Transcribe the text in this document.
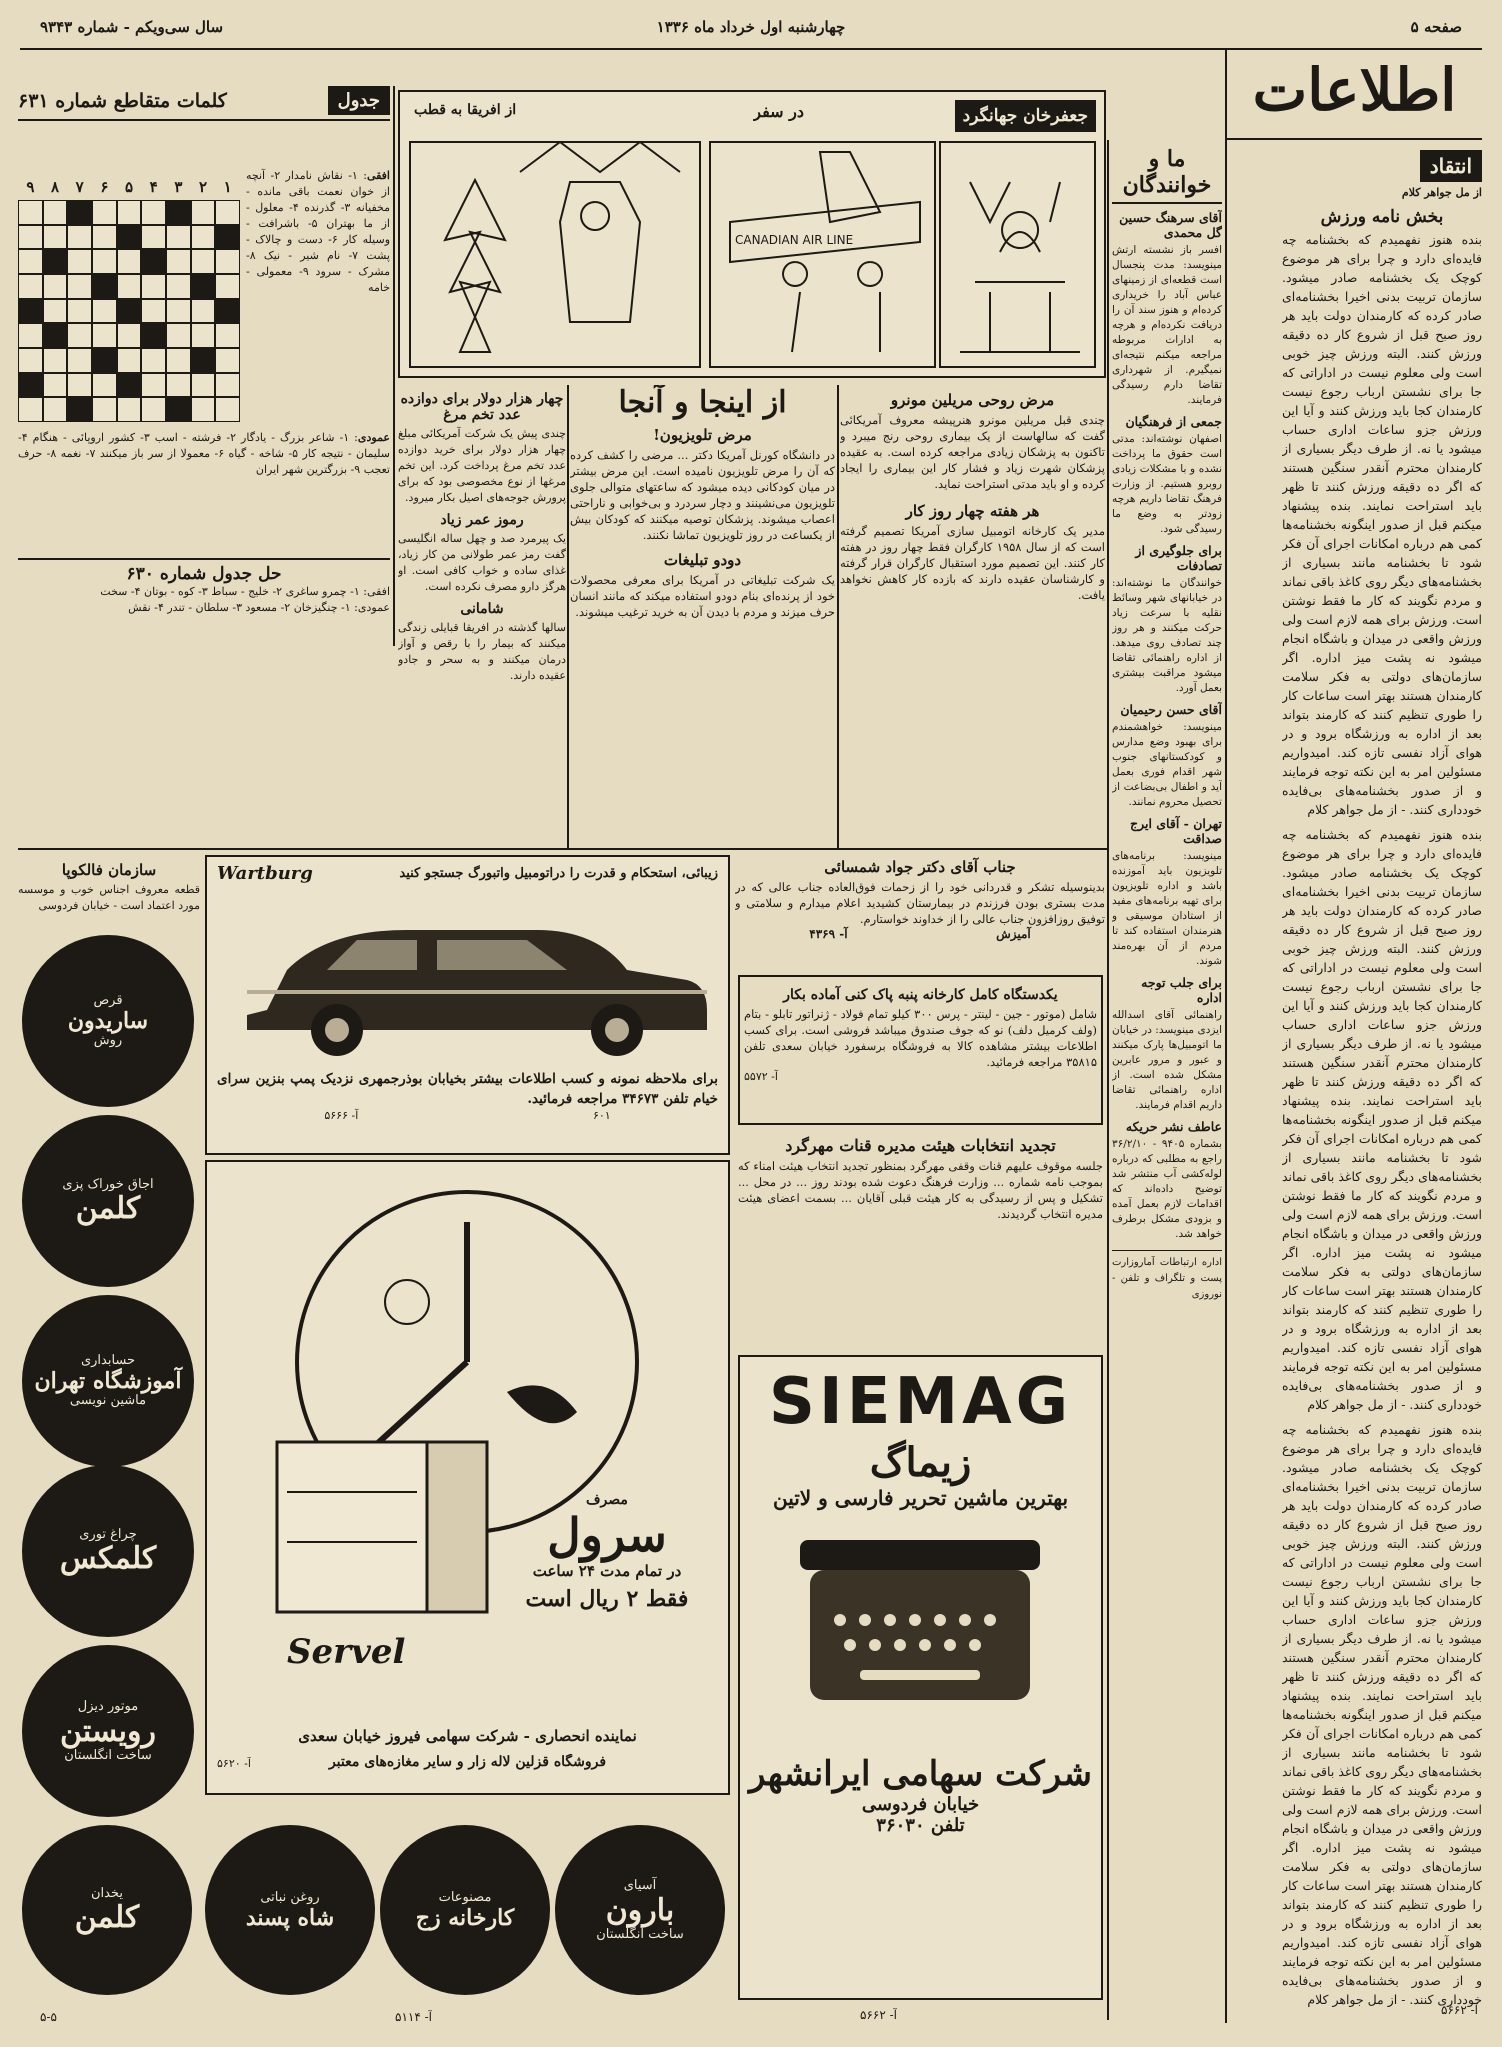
صفحه ۵
چهارشنبه اول خرداد ماه ۱۳۳۶
سال سی‌ویکم - شماره ۹۳۴۳
اطلاعات
انتقاد
از مل جواهر کلام
بخش نامه ورزش
بنده هنوز نفهمیدم که بخشنامه چه فایده‌ای دارد و چرا برای هر موضوع کوچک یک بخشنامه صادر میشود. سازمان تربیت بدنی اخیرا بخشنامه‌ای صادر کرده که کارمندان دولت باید هر روز صبح قبل از شروع کار ده دقیقه ورزش کنند. البته ورزش چیز خوبی است ولی معلوم نیست در اداراتی که جا برای نشستن ارباب رجوع نیست کارمندان کجا باید ورزش کنند و آیا این ورزش جزو ساعات اداری حساب میشود یا نه. از طرف دیگر بسیاری از کارمندان محترم آنقدر سنگین هستند که اگر ده دقیقه ورزش کنند تا ظهر باید استراحت نمایند. بنده پیشنهاد میکنم قبل از صدور اینگونه بخشنامه‌ها کمی هم درباره امکانات اجرای آن فکر شود تا بخشنامه مانند بسیاری از بخشنامه‌های دیگر روی کاغذ باقی نماند و مردم نگویند که کار ما فقط نوشتن است. ورزش برای همه لازم است ولی ورزش واقعی در میدان و باشگاه انجام میشود نه پشت میز اداره. اگر سازمان‌های دولتی به فکر سلامت کارمندان هستند بهتر است ساعات کار را طوری تنظیم کنند که کارمند بتواند بعد از اداره به ورزشگاه برود و در هوای آزاد نفسی تازه کند. امیدواریم مسئولین امر به این نکته توجه فرمایند و از صدور بخشنامه‌های بی‌فایده خودداری کنند. - از مل جواهر کلام
بنده هنوز نفهمیدم که بخشنامه چه فایده‌ای دارد و چرا برای هر موضوع کوچک یک بخشنامه صادر میشود. سازمان تربیت بدنی اخیرا بخشنامه‌ای صادر کرده که کارمندان دولت باید هر روز صبح قبل از شروع کار ده دقیقه ورزش کنند. البته ورزش چیز خوبی است ولی معلوم نیست در اداراتی که جا برای نشستن ارباب رجوع نیست کارمندان کجا باید ورزش کنند و آیا این ورزش جزو ساعات اداری حساب میشود یا نه. از طرف دیگر بسیاری از کارمندان محترم آنقدر سنگین هستند که اگر ده دقیقه ورزش کنند تا ظهر باید استراحت نمایند. بنده پیشنهاد میکنم قبل از صدور اینگونه بخشنامه‌ها کمی هم درباره امکانات اجرای آن فکر شود تا بخشنامه مانند بسیاری از بخشنامه‌های دیگر روی کاغذ باقی نماند و مردم نگویند که کار ما فقط نوشتن است. ورزش برای همه لازم است ولی ورزش واقعی در میدان و باشگاه انجام میشود نه پشت میز اداره. اگر سازمان‌های دولتی به فکر سلامت کارمندان هستند بهتر است ساعات کار را طوری تنظیم کنند که کارمند بتواند بعد از اداره به ورزشگاه برود و در هوای آزاد نفسی تازه کند. امیدواریم مسئولین امر به این نکته توجه فرمایند و از صدور بخشنامه‌های بی‌فایده خودداری کنند. - از مل جواهر کلام
بنده هنوز نفهمیدم که بخشنامه چه فایده‌ای دارد و چرا برای هر موضوع کوچک یک بخشنامه صادر میشود. سازمان تربیت بدنی اخیرا بخشنامه‌ای صادر کرده که کارمندان دولت باید هر روز صبح قبل از شروع کار ده دقیقه ورزش کنند. البته ورزش چیز خوبی است ولی معلوم نیست در اداراتی که جا برای نشستن ارباب رجوع نیست کارمندان کجا باید ورزش کنند و آیا این ورزش جزو ساعات اداری حساب میشود یا نه. از طرف دیگر بسیاری از کارمندان محترم آنقدر سنگین هستند که اگر ده دقیقه ورزش کنند تا ظهر باید استراحت نمایند. بنده پیشنهاد میکنم قبل از صدور اینگونه بخشنامه‌ها کمی هم درباره امکانات اجرای آن فکر شود تا بخشنامه مانند بسیاری از بخشنامه‌های دیگر روی کاغذ باقی نماند و مردم نگویند که کار ما فقط نوشتن است. ورزش برای همه لازم است ولی ورزش واقعی در میدان و باشگاه انجام میشود نه پشت میز اداره. اگر سازمان‌های دولتی به فکر سلامت کارمندان هستند بهتر است ساعات کار را طوری تنظیم کنند که کارمند بتواند بعد از اداره به ورزشگاه برود و در هوای آزاد نفسی تازه کند. امیدواریم مسئولین امر به این نکته توجه فرمایند و از صدور بخشنامه‌های بی‌فایده خودداری کنند. - از مل جواهر کلام
آ- ۵۶۶۲
ما و خوانندگان
آقای سرهنگ حسین گل محمدی
افسر باز نشسته ارتش مینویسد: مدت پنجسال است قطعه‌ای از زمینهای عباس آباد را خریداری کرده‌ام و هنوز سند آن را دریافت نکرده‌ام و هرچه به ادارات مربوطه مراجعه میکنم نتیجه‌ای نمیگیرم. از شهرداری تقاضا دارم رسیدگی فرمایند.
جمعی از فرهنگیان
اصفهان نوشته‌اند: مدتی است حقوق ما پرداخت نشده و با مشکلات زیادی روبرو هستیم. از وزارت فرهنگ تقاضا داریم هرچه زودتر به وضع ما رسیدگی شود.
برای جلوگیری از تصادفات
خوانندگان ما نوشته‌اند: در خیابانهای شهر وسائط نقلیه با سرعت زیاد حرکت میکنند و هر روز چند تصادف روی میدهد. از اداره راهنمائی تقاضا میشود مراقبت بیشتری بعمل آورد.
آقای حسن رحیمیان
مینویسد: خواهشمندم برای بهبود وضع مدارس و کودکستانهای جنوب شهر اقدام فوری بعمل آید و اطفال بی‌بضاعت از تحصیل محروم نمانند.
تهران - آقای ایرج صداقت
مینویسد: برنامه‌های تلویزیون باید آموزنده باشد و اداره تلویزیون برای تهیه برنامه‌های مفید از استادان موسیقی و هنرمندان استفاده کند تا مردم از آن بهره‌مند شوند.
برای جلب توجه اداره
راهنمائی آقای اسدالله ایزدی مینویسد: در خیابان ما اتومبیل‌ها پارک میکنند و عبور و مرور عابرین مشکل شده است. از اداره راهنمائی تقاضا داریم اقدام فرمایند.
عاطف نشر حریکه
بشماره ۹۴۰۵ - ۳۶/۲/۱۰ راجع به مطلبی که درباره لوله‌کشی آب منتشر شد توضیح داده‌اند که اقدامات لازم بعمل آمده و بزودی مشکل برطرف خواهد شد.
اداره ارتباطات آماروزارت پست و تلگراف و تلفن - نوروزی
جعفرخان جهانگرد
در سفر
CANADIAN AIR LINE
از افریقا به قطب
جدول
کلمات متقاطع شماره ۶۳۱
۱
۲
۳
۴
۵
۶
۷
۸
۹
افقی: ۱- نقاش نامدار ۲- آنچه از خوان نعمت باقی مانده - مخفیانه ۳- گذرنده ۴- معلول - از ما بهتران ۵- باشرافت - وسیله کار ۶- دست و چالاک - پشت ۷- نام شیر - نیک ۸- مشرک - سرود ۹- معمولی - خامه
عمودی: ۱- شاعر بزرگ - یادگار ۲- فرشته - اسب ۳- کشور اروپائی - هنگام ۴- سلیمان - نتیجه کار ۵- شاخه - گیاه ۶- معمولا از سر باز میکنند ۷- نغمه ۸- حرف تعجب ۹- بزرگترین شهر ایران
حل جدول شماره ۶۳۰
افقی: ۱- چمرو ساغری ۲- خلیج - سباط ۳- کوه - بوتان ۴- سخت
عمودی: ۱- چنگیزخان ۲- مسعود ۳- سلطان - تندر ۴- نقش
مرض روحی مریلین مونرو
چندی قبل مریلین مونرو هنرپیشه معروف آمریکائی گفت که سالهاست از یک بیماری روحی رنج میبرد و تاکنون به پزشکان زیادی مراجعه کرده است. به عقیده پزشکان شهرت زیاد و فشار کار این بیماری را ایجاد کرده و او باید مدتی استراحت نماید.
هر هفته چهار روز کار
مدیر یک کارخانه اتومبیل سازی آمریکا تصمیم گرفته است که از سال ۱۹۵۸ کارگران فقط چهار روز در هفته کار کنند. این تصمیم مورد استقبال کارگران قرار گرفته و کارشناسان عقیده دارند که بازده کار کاهش نخواهد یافت.
از اینجا و آنجا
مرض تلویزیون!
در دانشگاه کورنل آمریکا دکتر ... مرضی را کشف کرده که آن را مرض تلویزیون نامیده است. این مرض بیشتر در میان کودکانی دیده میشود که ساعتهای متوالی جلوی تلویزیون می‌نشینند و دچار سردرد و بی‌خوابی و ناراحتی اعصاب میشوند. پزشکان توصیه میکنند که کودکان بیش از یکساعت در روز تلویزیون تماشا نکنند.
دودو تبلیغات
یک شرکت تبلیغاتی در آمریکا برای معرفی محصولات خود از پرنده‌ای بنام دودو استفاده میکند که مانند انسان حرف میزند و مردم با دیدن آن به خرید ترغیب میشوند.
چهار هزار دولار برای دوازده عدد تخم مرغ
چندی پیش یک شرکت آمریکائی مبلغ چهار هزار دولار برای خرید دوازده عدد تخم مرغ پرداخت کرد. این تخم مرغها از نوع مخصوصی بود که برای پرورش جوجه‌های اصیل بکار میرود.
رموز عمر زیاد
یک پیرمرد صد و چهل ساله انگلیسی گفت رمز عمر طولانی من کار زیاد، غذای ساده و خواب کافی است. او هرگز دارو مصرف نکرده است.
شامانی
سالها گذشته در افریقا قبایلی زندگی میکنند که بیمار را با رقص و آواز درمان میکنند و به سحر و جادو عقیده دارند.
جناب آقای دکتر جواد شمسائی
بدینوسیله تشکر و قدردانی خود را از زحمات فوق‌العاده جناب عالی که در مدت بستری بودن فرزندم در بیمارستان کشیدید اعلام میدارم و سلامتی و توفیق روزافزون جناب عالی را از خداوند خواستارم.
آمیزش
آ- ۴۳۶۹
یکدستگاه کامل کارخانه پنبه پاک کنی آماده بکار
شامل (موتور - جین - لینتر - پرس ۳۰۰ کیلو تمام فولاد - ژنراتور تابلو - بتام (ولف کرمیل دلف) نو که جوف صندوق میباشد فروشی است. برای کسب اطلاعات بیشتر مشاهده کالا به فروشگاه برسفورد خیابان سعدی تلفن ۳۵۸۱۵ مراجعه فرمائید.
آ- ۵۵۷۲
تجدید انتخابات هیئت مدیره قنات مهرگرد
جلسه موقوف علیهم قنات وقفی مهرگرد بمنظور تجدید انتخاب هیئت امناء که بموجب نامه شماره ... وزارت فرهنگ دعوت شده بودند روز ... در محل ... تشکیل و پس از رسیدگی به کار هیئت قبلی آقایان ... بسمت اعضای هیئت مدیره انتخاب گردیدند.
SIEMAG
زیماگ
بهترین ماشین تحریر فارسی و لاتین
شرکت سهامی ایرانشهر
خیابان فردوسی
تلفن ۳۶۰۳۰
آ- ۵۶۶۲
زیبائی، استحکام و قدرت را دراتومبیل واتبورگ جستجو کنید
Wartburg
برای ملاحظه نمونه و کسب اطلاعات بیشتر بخیابان بوذرجمهری نزدیک پمپ بنزین سرای خیام تلفن ۳۴۶۷۳ مراجعه فرمائید.
۶۰۱
آ- ۵۶۶۶
مصرف
سرول
در تمام مدت ۲۴ ساعت
فقط ۲ ریال است
Servel
نماینده انحصاری - شرکت سهامی فیروز خیابان سعدی
فروشگاه قزلین لاله زار و سایر مغازه‌های معتبر
آ- ۵۶۲۰
سازمان فالکوپا
قطعه معروف اجناس خوب و موسسه مورد اعتماد است - خیابان فردوسی
قرص
ساریدون
روش
اجاق خوراک پزی
کلمن
حسابداری
آموزشگاه تهران
ماشین نویسی
چراغ توری
کلمکس
موتور دیزل
رویستن
ساخت انگلستان
آسیای
بارون
ساخت انگلستان
مصنوعات
کارخانه زج
روغن نباتی
شاه پسند
یخدان
کلمن
آ- ۵۱۱۴
۵-۵
